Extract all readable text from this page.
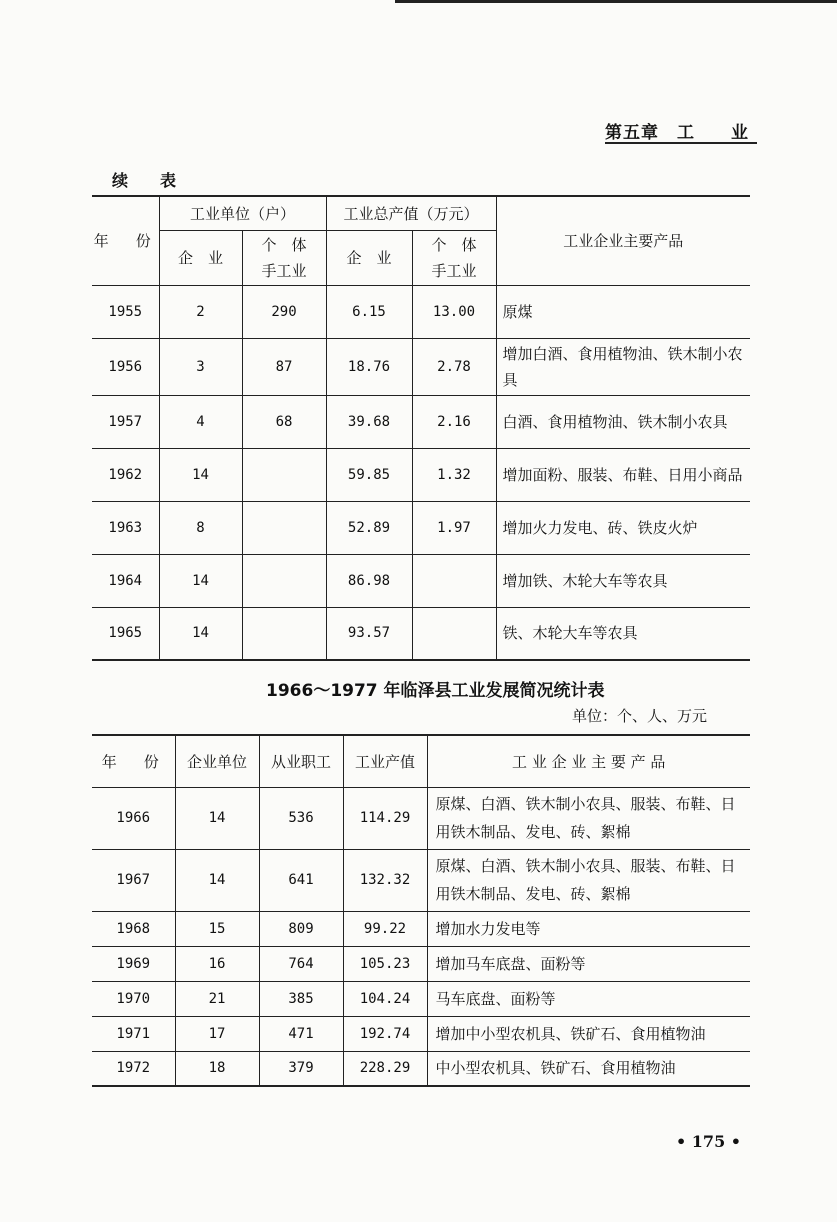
第五章　工　　业
续　表
年　份	工业单位（户）		工业总产值（万元）		工业企业主要产品
	企　业	个　体 手工业	企　业	个　体 手工业	
1955	2	290	6.15	13.00	原煤
1956	3	87	18.76	2.78	增加白酒、食用植物油、铁木制小农具
1957	4	68	39.68	2.16	白酒、食用植物油、铁木制小农具
1962	14		59.85	1.32	增加面粉、服装、布鞋、日用小商品
1963	8		52.89	1.97	增加火力发电、砖、铁皮火炉
1964	14		86.98		增加铁、木轮大车等农具
1965	14		93.57		铁、木轮大车等农具
1966～1977 年临泽县工业发展简况统计表
单位：个、人、万元
年　份	企业单位	从业职工	工业产值	工 业 企 业 主 要 产 品
1966	14	536	114.29	原煤、白酒、铁木制小农具、服装、布鞋、日用铁木制品、发电、砖、絮棉
1967	14	641	132.32	原煤、白酒、铁木制小农具、服装、布鞋、日用铁木制品、发电、砖、絮棉
1968	15	809	99.22	增加水力发电等
1969	16	764	105.23	增加马车底盘、面粉等
1970	21	385	104.24	马车底盘、面粉等
1971	17	471	192.74	增加中小型农机具、铁矿石、食用植物油
1972	18	379	228.29	中小型农机具、铁矿石、食用植物油
• 175 •
